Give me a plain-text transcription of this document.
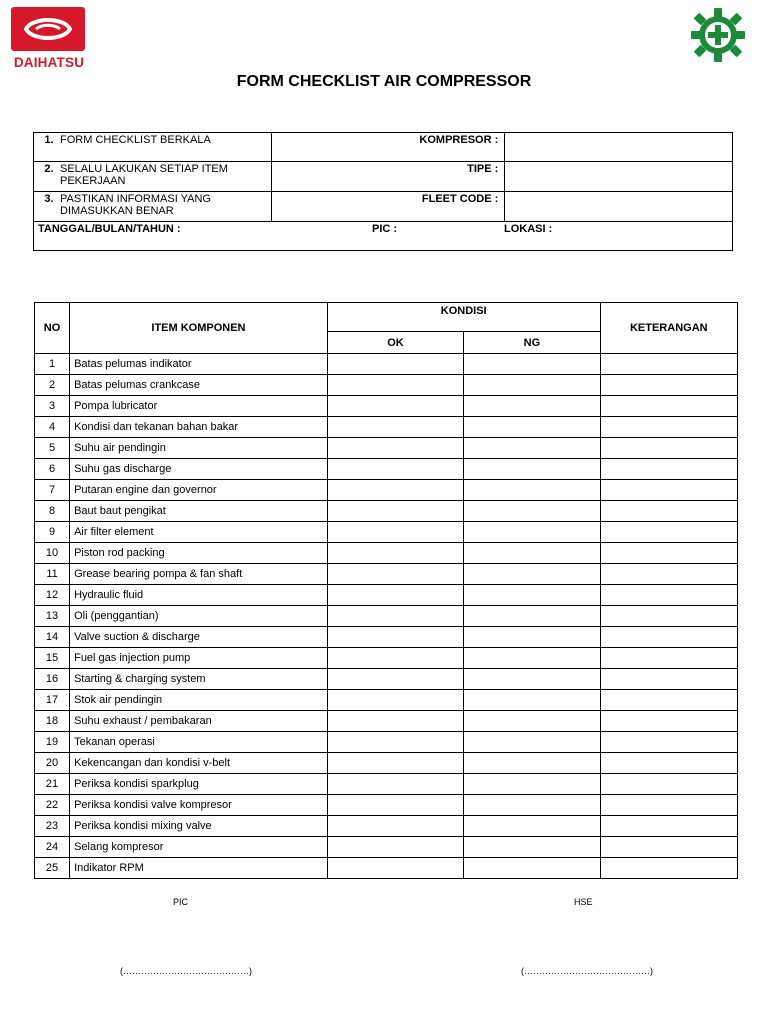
DAIHATSU
FORM CHECKLIST AIR COMPRESSOR
1. FORM CHECKLIST BERKALA	KOMPRESOR :	

2. SELALU LAKUKAN SETIAP ITEM PEKERJAAN	TIPE :	

3. PASTIKAN INFORMASI YANG DIMASUKKAN BENAR	FLEET CODE :	

TANGGAL/BULAN/TAHUN : PIC : LOKASI :		
NO	ITEM KOMPONEN	KONDISI		KETERANGAN
		OK	NG	
1	Batas pelumas indikator			
2	Batas pelumas crankcase			
3	Pompa lubricator			
4	Kondisi dan tekanan bahan bakar			
5	Suhu air pendingin			
6	Suhu gas discharge			
7	Putaran engine dan governor			
8	Baut baut pengikat			
9	Air filter element			
10	Piston rod packing			
11	Grease bearing pompa & fan shaft			
12	Hydraulic fluid			
13	Oli (penggantian)			
14	Valve suction & discharge			
15	Fuel gas injection pump			
16	Starting & charging system			
17	Stok air pendingin			
18	Suhu exhaust / pembakaran			
19	Tekanan operasi			
20	Kekencangan dan kondisi v-belt			
21	Periksa kondisi sparkplug			
22	Periksa kondisi valve kompresor			
23	Periksa kondisi mixing valve			
24	Selang kompresor			
25	Indikator RPM			
PIC	HSE
(……………………………………)	(……………………………………)
